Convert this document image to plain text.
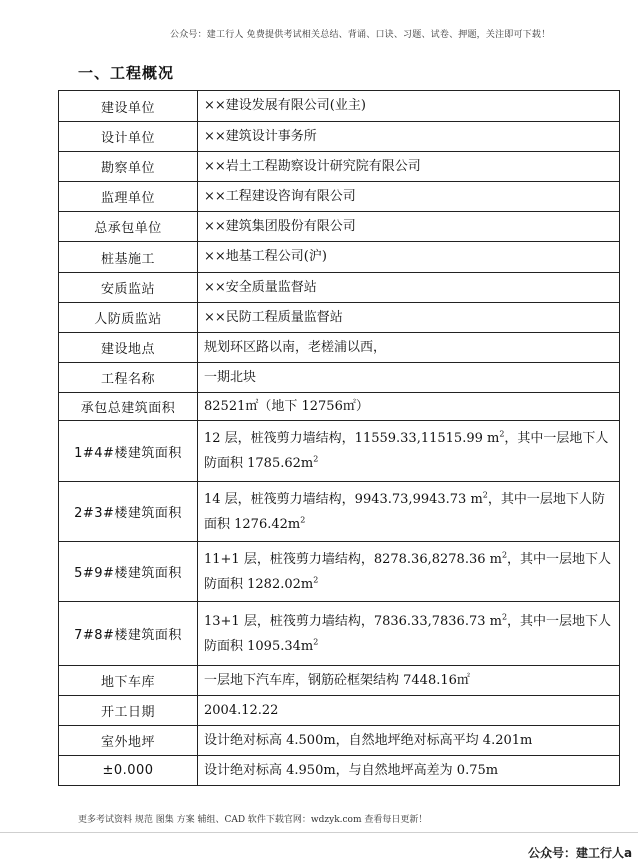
公众号：建工行人 免费提供考试相关总结、背诵、口诀、习题、试卷、押题，关注即可下载！
一、工程概况
建设单位	××建设发展有限公司(业主)
设计单位	××建筑设计事务所
勘察单位	××岩土工程勘察设计研究院有限公司
监理单位	××工程建设咨询有限公司
总承包单位	××建筑集团股份有限公司
桩基施工	××地基工程公司(沪)
安质监站	××安全质量监督站
人防质监站	××民防工程质量监督站
建设地点	规划环区路以南，老槎浦以西，
工程名称	一期北块
承包总建筑面积	82521㎡（地下 12756㎡）
1#4#楼建筑面积	12 层，桩筏剪力墙结构，11559.33,11515.99 $m^2$，其中一层地下人防面积 $1785.62m^2$
2#3#楼建筑面积	14 层，桩筏剪力墙结构，9943.73,9943.73 $m^2$，其中一层地下人防面积 $1276.42m^2$
5#9#楼建筑面积	11+1 层，桩筏剪力墙结构，8278.36,8278.36 $m^2$，其中一层地下人防面积 $1282.02m^2$
7#8#楼建筑面积	13+1 层，桩筏剪力墙结构，7836.33,7836.73 $m^2$，其中一层地下人防面积 $1095.34m^2$
地下车库	一层地下汽车库，钢筋砼框架结构 7448.16㎡
开工日期	2004.12.22
室外地坪	设计绝对标高 4.500m，自然地坪绝对标高平均 4.201m
±0.000	设计绝对标高 4.950m，与自然地坪高差为 0.75m
更多考试资料 规范 图集 方案 辅组、CAD 软件下载官网：wdzyk.com 查看每日更新！
公众号：建工行人a
